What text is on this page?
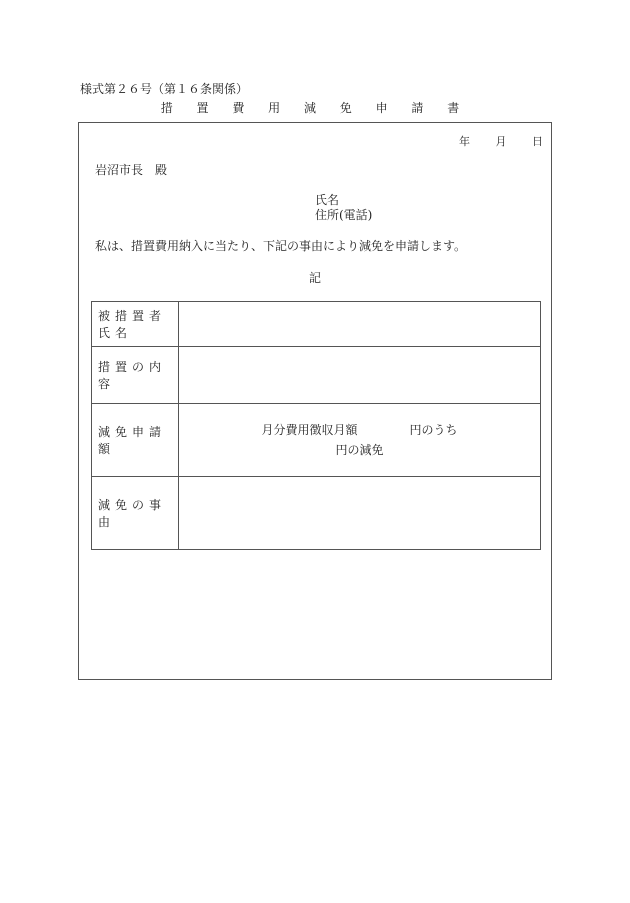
様式第２６号（第１６条関係）
措 置 費 用 減 免 申 請 書
年 月 日
岩沼市長　殿
氏名
住所(電話)
私は、措置費用納入に当たり、下記の事由により減免を申請します。
記
被措置者氏名	
措置の内容	
減免申請額	月分費用徴収月額 円のうち
円の減免

減免の事由	
